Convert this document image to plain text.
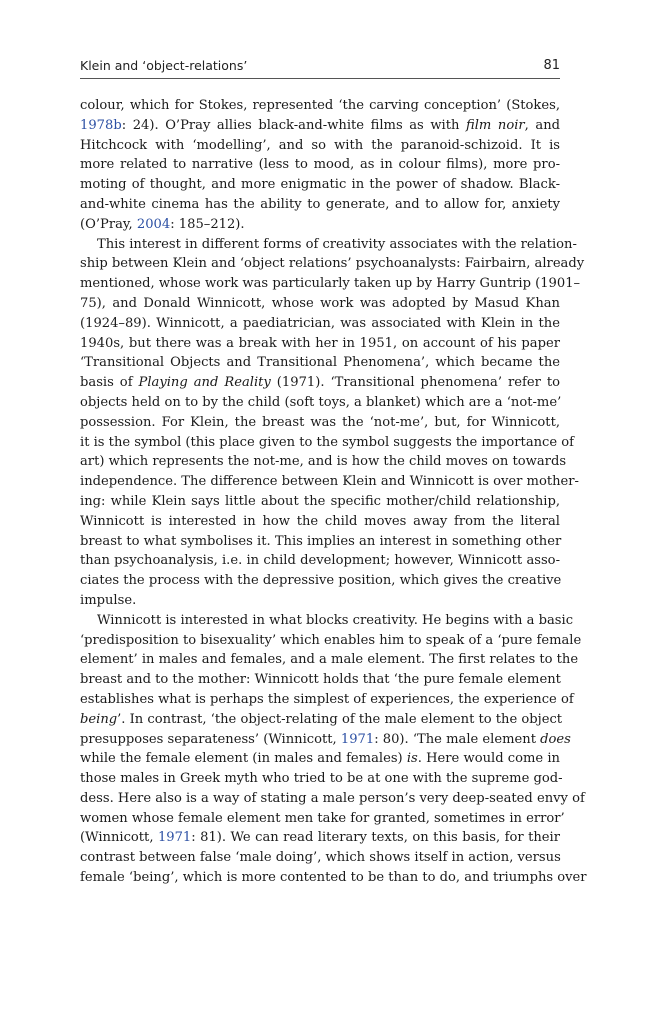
Klein and ‘object-relations’	81
colour, which for Stokes, represented ‘the carving conception’ (Stokes,
1978b: 24). O’Pray allies black-and-white films as with film noir, and
Hitchcock with ‘modelling’, and so with the paranoid-schizoid. It is
more related to narrative (less to mood, as in colour films), more pro-
moting of thought, and more enigmatic in the power of shadow. Black-
and-white cinema has the ability to generate, and to allow for, anxiety
(O’Pray, 2004: 185–212).
This interest in different forms of creativity associates with the relation-
ship between Klein and ‘object relations’ psychoanalysts: Fairbairn, already
mentioned, whose work was particularly taken up by Harry Guntrip (1901–
75), and Donald Winnicott, whose work was adopted by Masud Khan
(1924–89). Winnicott, a paediatrician, was associated with Klein in the
1940s, but there was a break with her in 1951, on account of his paper
‘Transitional Objects and Transitional Phenomena’, which became the
basis of Playing and Reality (1971). ‘Transitional phenomena’ refer to
objects held on to by the child (soft toys, a blanket) which are a ‘not-me’
possession. For Klein, the breast was the ‘not-me’, but, for Winnicott,
it is the symbol (this place given to the symbol suggests the importance of
art) which represents the not-me, and is how the child moves on towards
independence. The difference between Klein and Winnicott is over mother-
ing: while Klein says little about the specific mother/child relationship,
Winnicott is interested in how the child moves away from the literal
breast to what symbolises it. This implies an interest in something other
than psychoanalysis, i.e. in child development; however, Winnicott asso-
ciates the process with the depressive position, which gives the creative
impulse.
Winnicott is interested in what blocks creativity. He begins with a basic
‘predisposition to bisexuality’ which enables him to speak of a ‘pure female
element’ in males and females, and a male element. The first relates to the
breast and to the mother: Winnicott holds that ‘the pure female element
establishes what is perhaps the simplest of experiences, the experience of
being’. In contrast, ‘the object-relating of the male element to the object
presupposes separateness’ (Winnicott, 1971: 80). ‘The male element does
while the female element (in males and females) is. Here would come in
those males in Greek myth who tried to be at one with the supreme god-
dess. Here also is a way of stating a male person’s very deep-seated envy of
women whose female element men take for granted, sometimes in error’
(Winnicott, 1971: 81). We can read literary texts, on this basis, for their
contrast between false ‘male doing’, which shows itself in action, versus
female ‘being’, which is more contented to be than to do, and triumphs over
